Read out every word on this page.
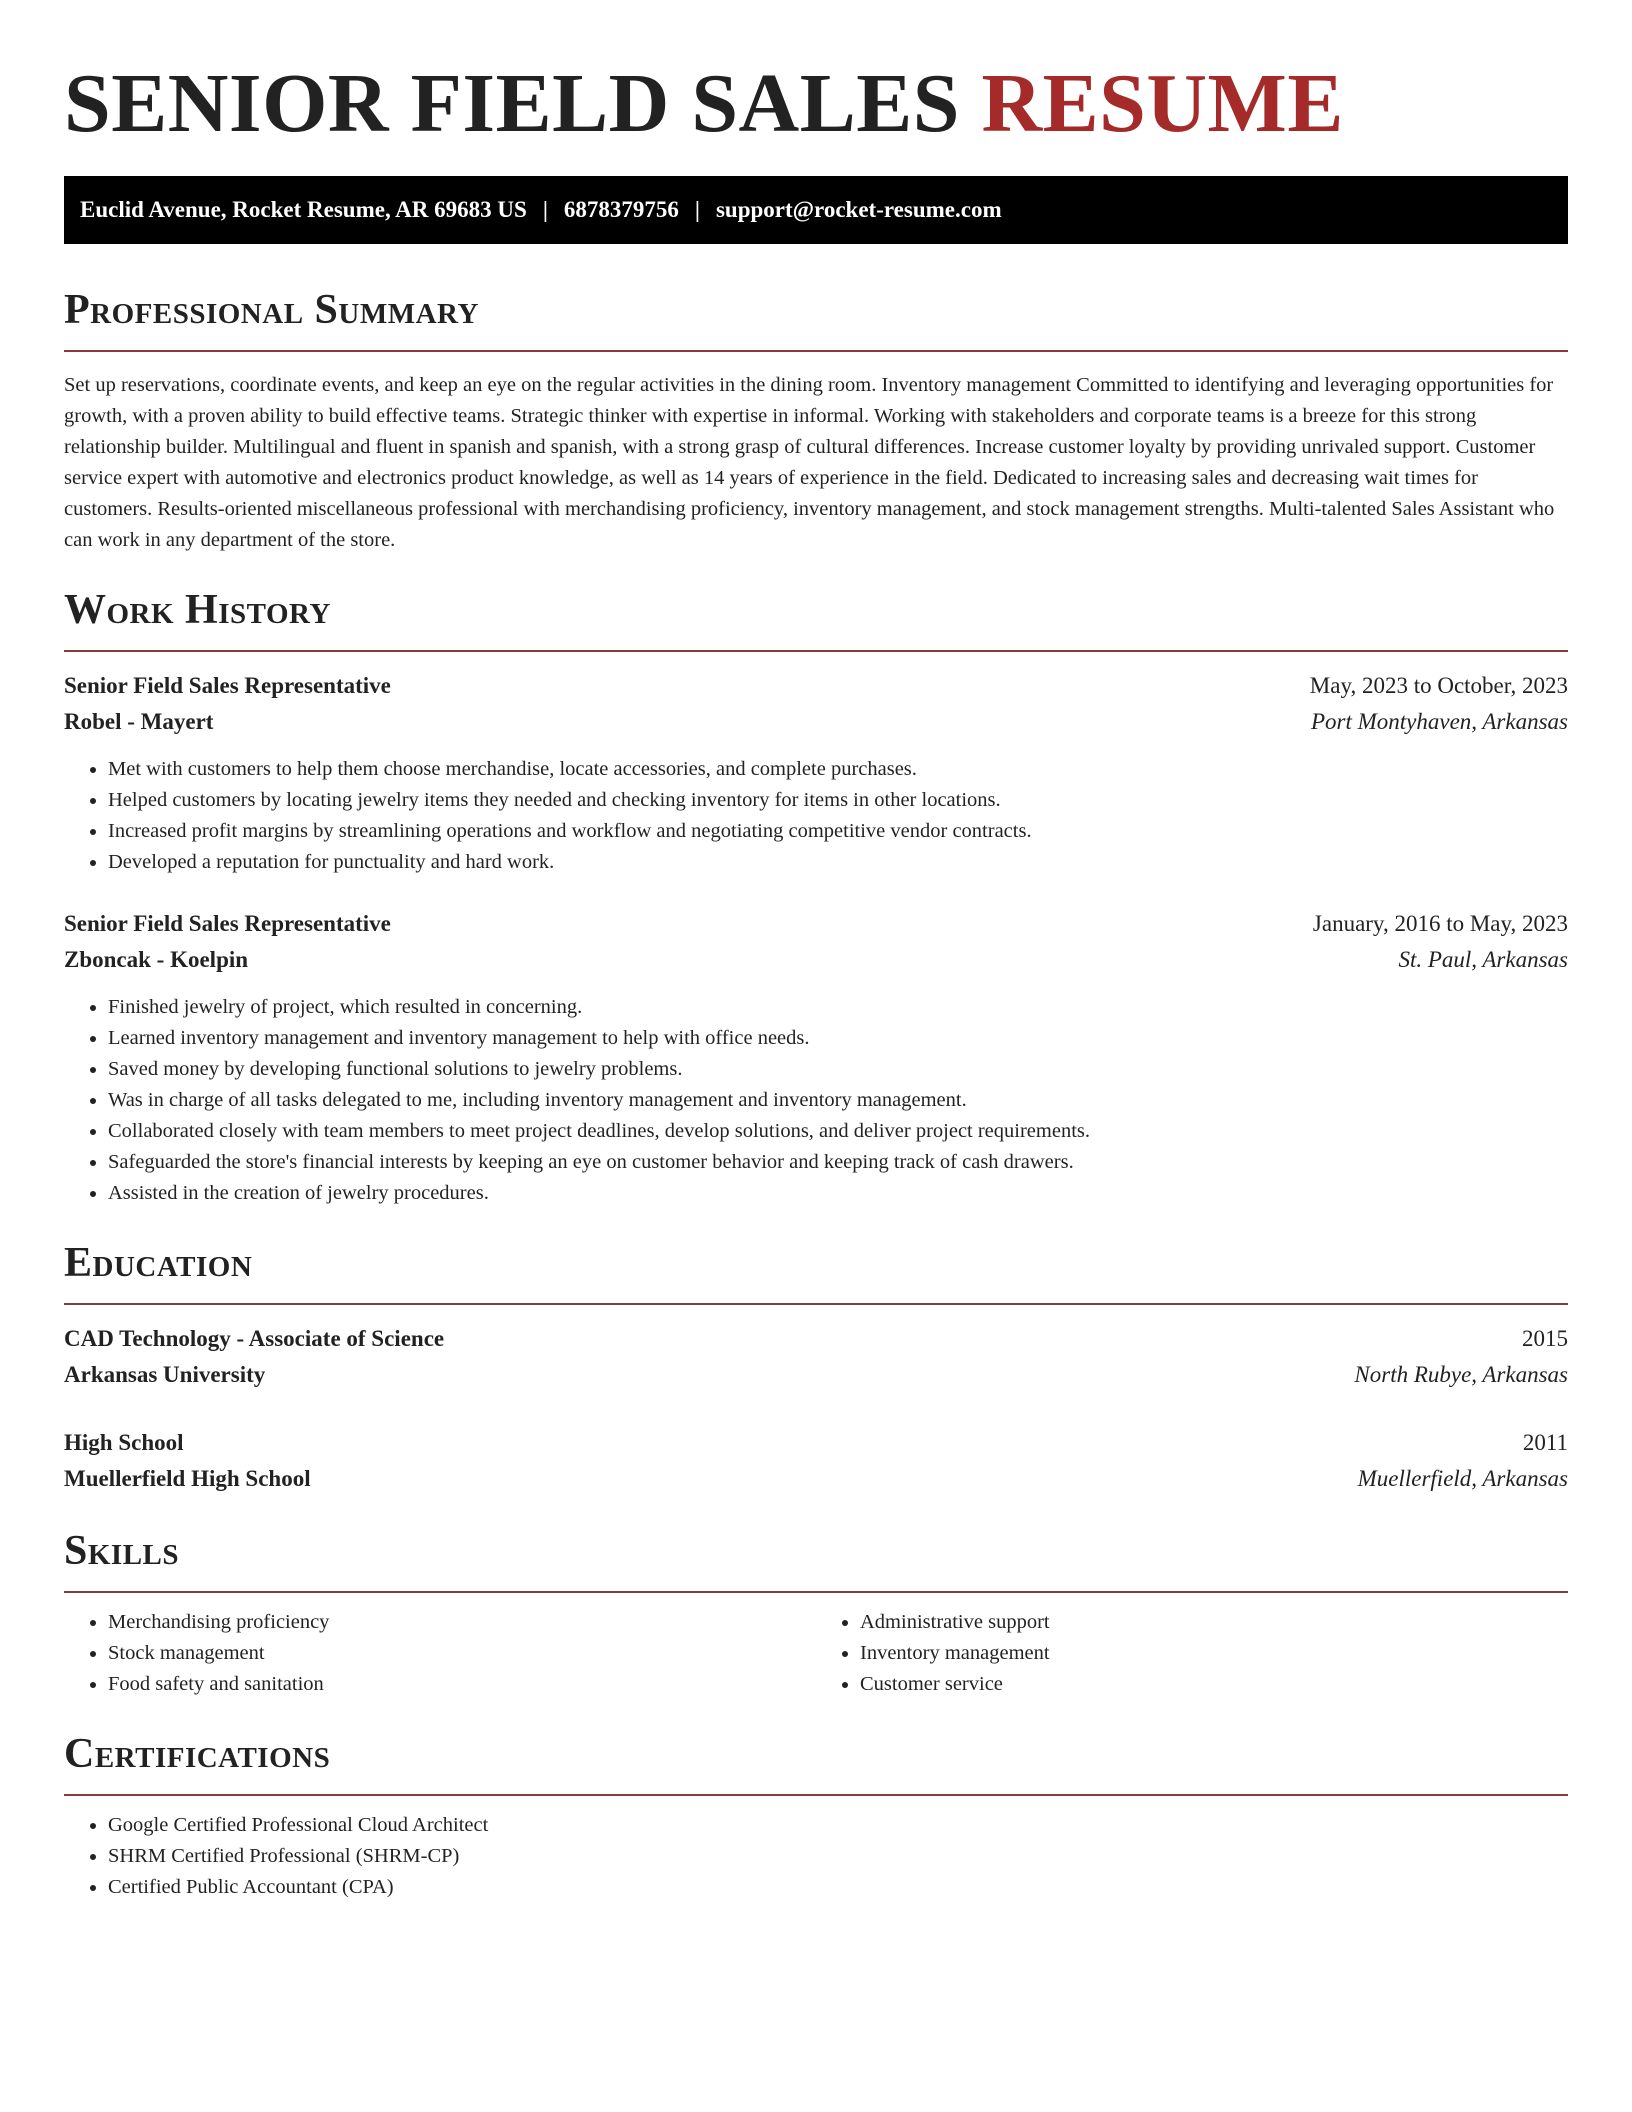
SENIOR FIELD SALES RESUME
Euclid Avenue, Rocket Resume, AR 69683 US | 6878379756 | support@rocket-resume.com
Professional Summary

Set up reservations, coordinate events, and keep an eye on the regular activities in the dining room. Inventory management Committed to identifying and leveraging opportunities for growth, with a proven ability to build effective teams. Strategic thinker with expertise in informal. Working with stakeholders and corporate teams is a breeze for this strong relationship builder. Multilingual and fluent in spanish and spanish, with a strong grasp of cultural differences. Increase customer loyalty by providing unrivaled support. Customer service expert with automotive and electronics product knowledge, as well as 14 years of experience in the field. Dedicated to increasing sales and decreasing wait times for customers. Results-oriented miscellaneous professional with merchandising proficiency, inventory management, and stock management strengths. Multi-talented Sales Assistant who can work in any department of the store.

Work History
Senior Field Sales Representative	May, 2023 to October, 2023
Robel - Mayert	Port Montyhaven, Arkansas
• Met with customers to help them choose merchandise, locate accessories, and complete purchases.
• Helped customers by locating jewelry items they needed and checking inventory for items in other locations.
• Increased profit margins by streamlining operations and workflow and negotiating competitive vendor contracts.
• Developed a reputation for punctuality and hard work.
Senior Field Sales Representative	January, 2016 to May, 2023
Zboncak - Koelpin	St. Paul, Arkansas
• Finished jewelry of project, which resulted in concerning.
• Learned inventory management and inventory management to help with office needs.
• Saved money by developing functional solutions to jewelry problems.
• Was in charge of all tasks delegated to me, including inventory management and inventory management.
• Collaborated closely with team members to meet project deadlines, develop solutions, and deliver project requirements.
• Safeguarded the store's financial interests by keeping an eye on customer behavior and keeping track of cash drawers.
• Assisted in the creation of jewelry procedures.
Education
CAD Technology - Associate of Science	2015
Arkansas University	North Rubye, Arkansas
High School	2011
Muellerfield High School	Muellerfield, Arkansas
Skills
• Merchandising proficiency
• Stock management
• Food safety and sanitation
• Administrative support
• Inventory management
• Customer service
Certifications
• Google Certified Professional Cloud Architect
• SHRM Certified Professional (SHRM-CP)
• Certified Public Accountant (CPA)
